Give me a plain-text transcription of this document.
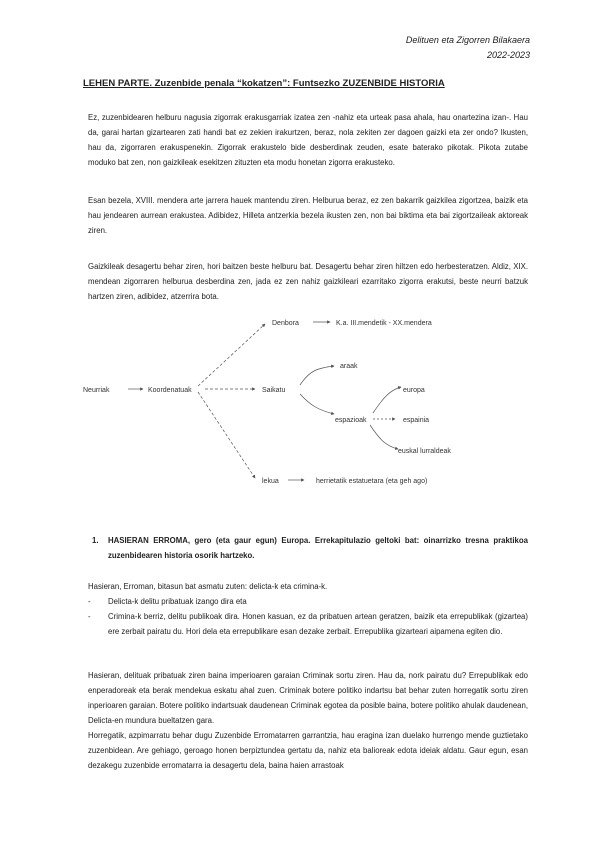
Delituen eta Zigorren Bilakaera
2022-2023
LEHEN PARTE. Zuzenbide penala “kokatzen”: Funtsezko ZUZENBIDE HISTORIA
Ez, zuzenbidearen helburu nagusia zigorrak erakusgarriak izatea zen -nahiz eta urteak pasa ahala, hau onartezina izan-. Hau da, garai hartan gizartearen zati handi bat ez zekien irakurtzen, beraz, nola zekiten zer dagoen gaizki eta zer ondo? Ikusten, hau da, zigorraren erakuspenekin. Zigorrak erakustelo bide desberdinak zeuden, esate baterako pikotak. Pikota zutabe moduko bat zen, non gaizkileak esekitzen zituzten eta modu honetan zigorra erakusteko.
Esan bezela, XVIII. mendera arte jarrera hauek mantendu ziren. Helburua beraz, ez zen bakarrik gaizkilea zigortzea, baizik eta hau jendearen aurrean erakustea. Adibidez, Hilleta antzerkia bezela ikusten zen, non bai biktima eta bai zigortzaileak aktoreak ziren.
Gaizkileak desagertu behar ziren, hori baitzen beste helburu bat. Desagertu behar ziren hiltzen edo herbesteratzen. Aldiz, XIX. mendean zigorraren helburua desberdina zen, jada ez zen nahiz gaizkileari ezarritako zigorra erakutsi, beste neurri batzuk hartzen ziren, adibidez, atzerrira bota.
Neurriak	Koordenatuak
Denbora	K.a. III.mendetik - XX.mendera
Saikatu
araak
espazioak
europa
espainia
euskal lurraldeak
lekua	herrietatik estatuetara (eta geh ago)
1. HASIERAN ERROMA, gero (eta gaur egun) Europa. Errekapitulazio geltoki bat: oinarrizko tresna praktikoa zuzenbidearen historia osorik hartzeko.
Hasieran, Erroman, bitasun bat asmatu zuten: delicta-k eta crimina-k.
- Delicta-k delitu pribatuak izango dira eta
- Crimina-k berriz, delitu publikoak dira. Honen kasuan, ez da pribatuen artean geratzen, baizik eta errepublikak (gizartea) ere zerbait pairatu du. Hori dela eta errepublikare esan dezake zerbait. Errepublika gizarteari aipamena egiten dio.
Hasieran, delituak pribatuak ziren baina imperioaren garaian Criminak sortu ziren. Hau da, nork pairatu du? Errepublikak edo enperadoreak eta berak mendekua eskatu ahal zuen. Criminak botere politiko indartsu bat behar zuten horregatik sortu ziren inperioaren garaian. Botere politiko indartsuak daudenean Criminak egotea da posible baina, botere politiko ahulak daudenean, Delicta-en mundura bueltatzen gara.
Horregatik, azpimarratu behar dugu Zuzenbide Erromatarren garrantzia, hau eragina izan duelako hurrengo mende guztietako zuzenbidean. Are gehiago, geroago honen berpiztundea gertatu da, nahiz eta balioreak edota ideiak aldatu. Gaur egun, esan dezakegu zuzenbide erromatarra ia desagertu dela, baina haien arrastoak
